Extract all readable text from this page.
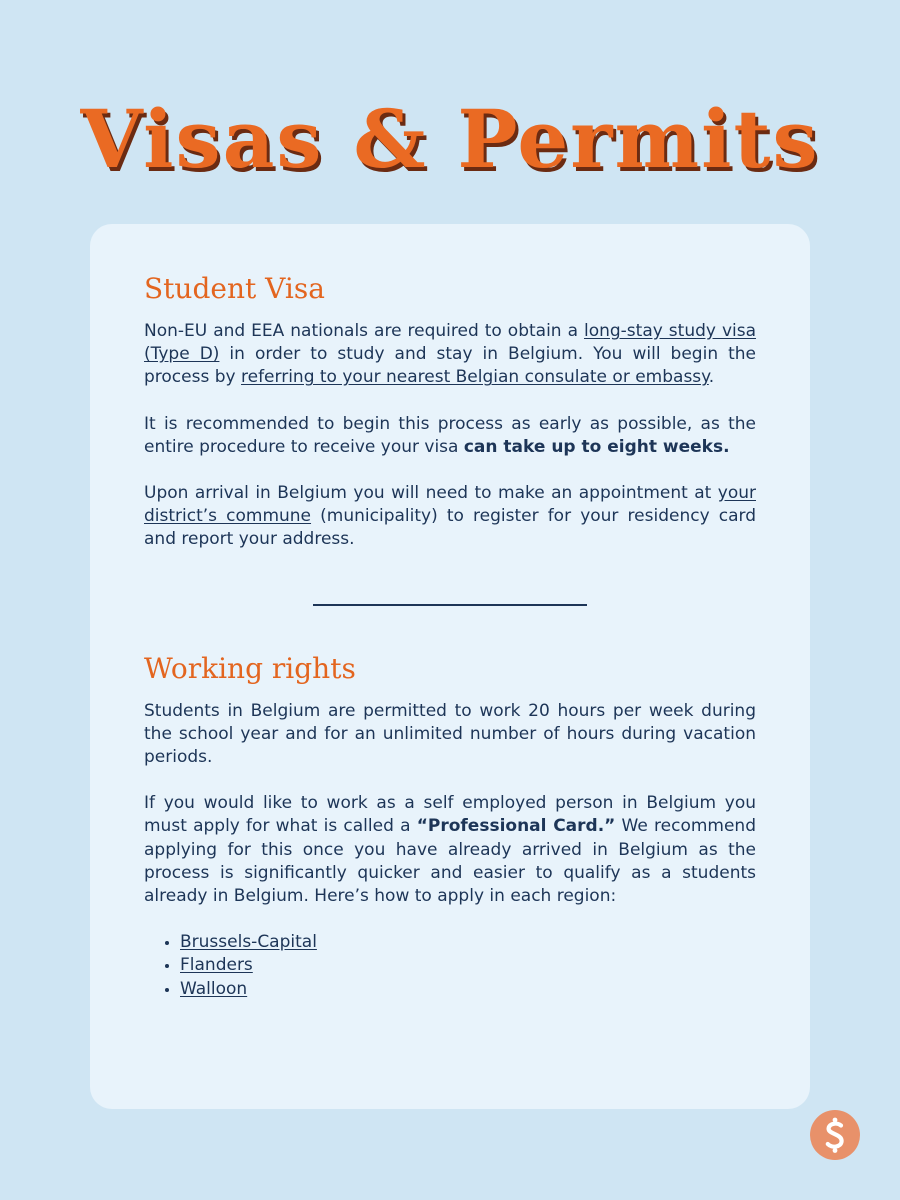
Visas & Permits
Student Visa

Non-EU and EEA nationals are required to obtain a long-stay study visa (Type D) in order to study and stay in Belgium. You will begin the process by referring to your nearest Belgian consulate or embassy.

It is recommended to begin this process as early as possible, as the entire procedure to receive your visa can take up to eight weeks.

Upon arrival in Belgium you will need to make an appointment at your district’s commune (municipality) to register for your residency card and report your address.

Working rights

Students in Belgium are permitted to work 20 hours per week during the school year and for an unlimited number of hours during vacation periods.

If you would like to work as a self employed person in Belgium you must apply for what is called a “Professional Card.” We recommend applying for this once you have already arrived in Belgium as the process is significantly quicker and easier to qualify as a students already in Belgium. Here’s how to apply in each region:

• Brussels-Capital
• Flanders
• Walloon
